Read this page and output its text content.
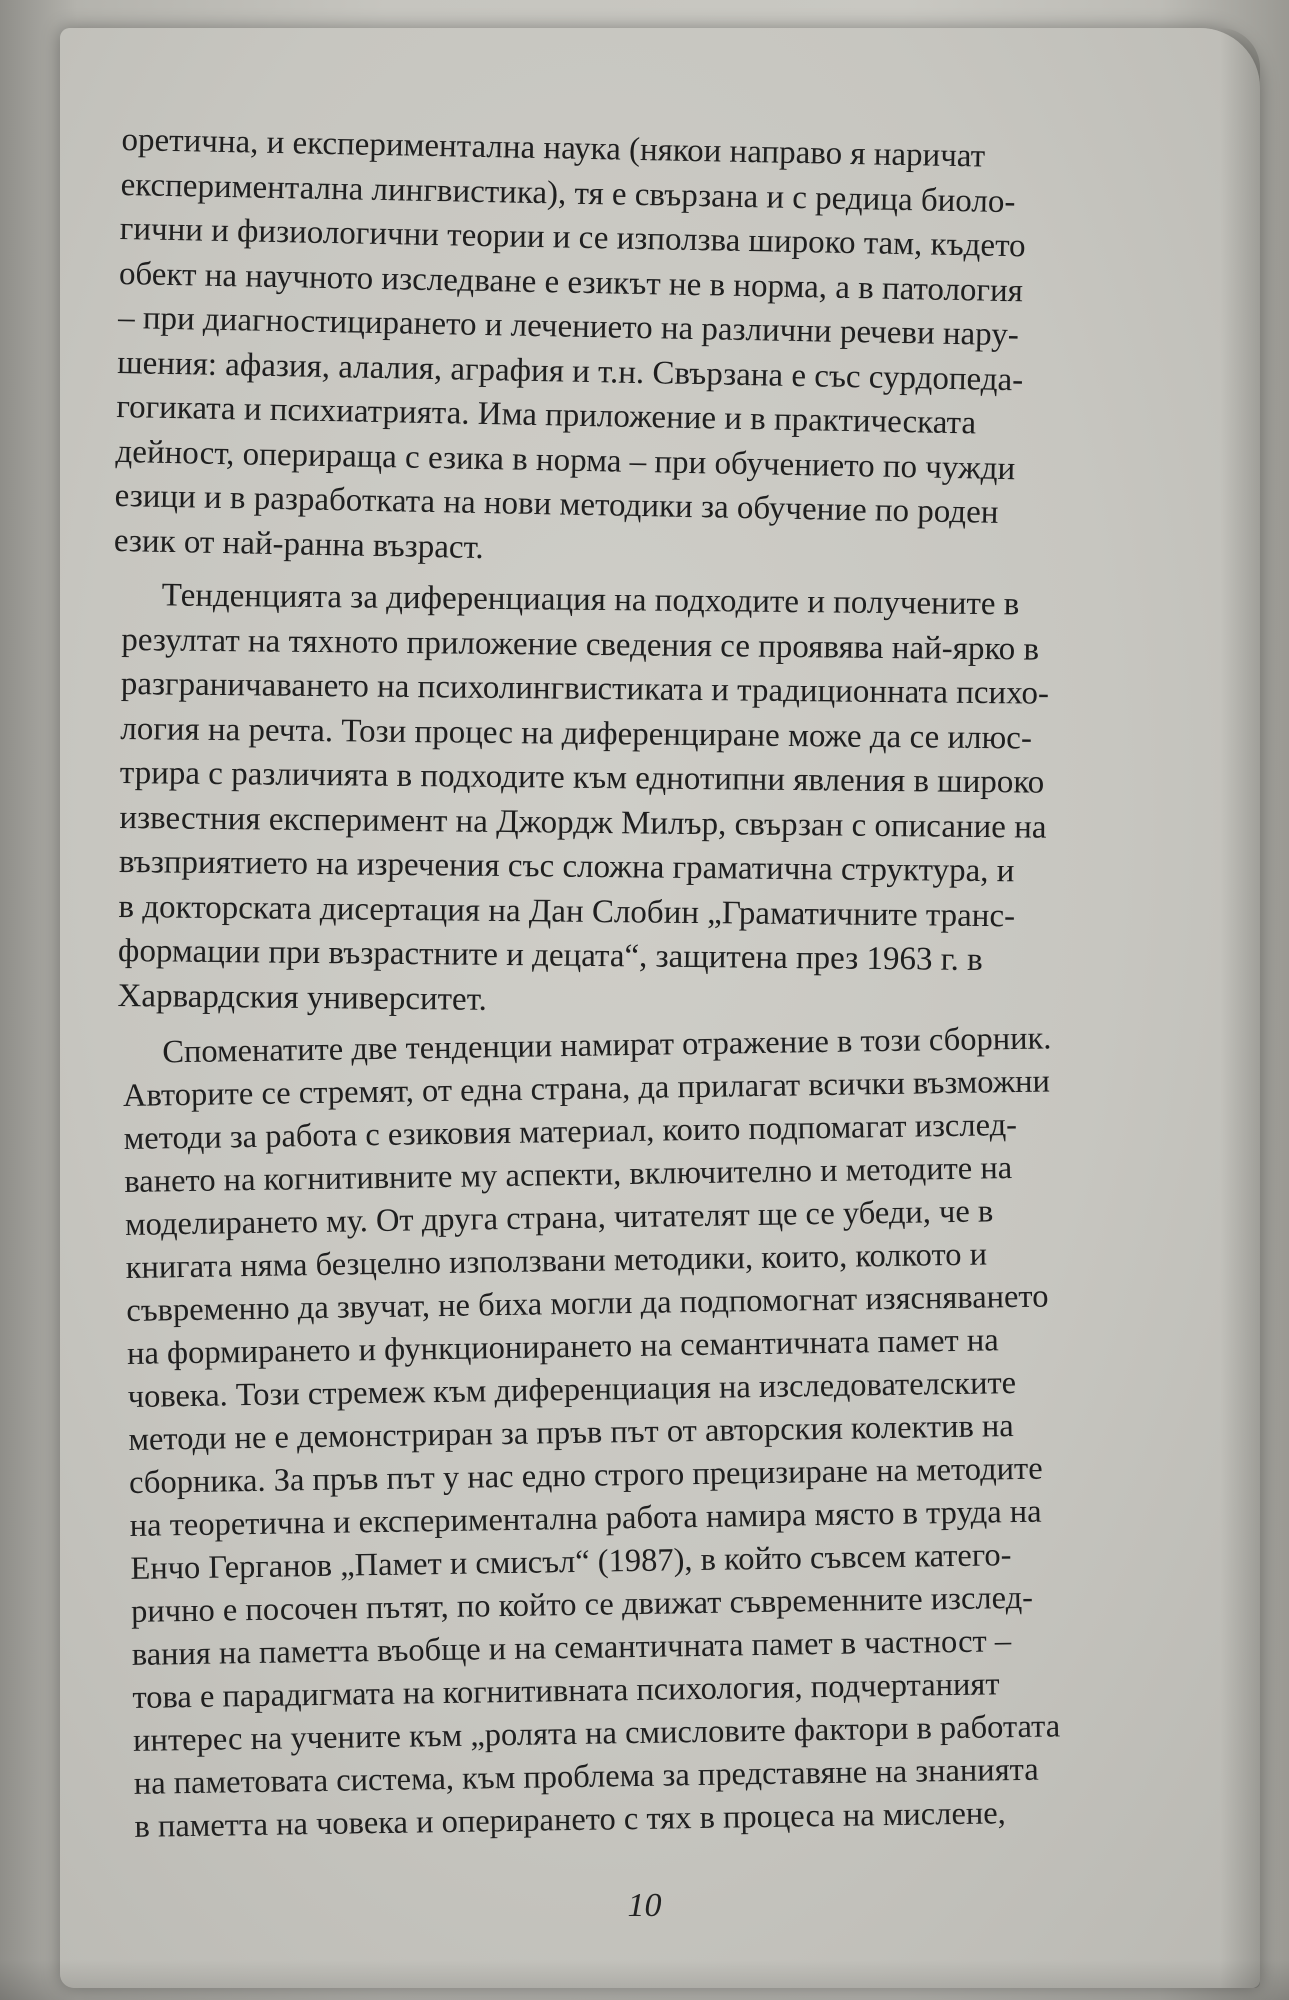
оретична, и експериментална наука (някои направо я наричат
експериментална лингвистика), тя е свързана и с редица биоло-
гични и физиологични теории и се използва широко там, където
обект на научното изследване е езикът не в норма, а в патология
– при диагностицирането и лечението на различни речеви нару-
шения: афазия, алалия, аграфия и т.н. Свързана е със сурдопеда-
гогиката и психиатрията. Има приложение и в практическата
дейност, оперираща с езика в норма – при обучението по чужди
езици и в разработката на нови методики за обучение по роден
език от най-ранна възраст.

Тенденцията за диференциация на подходите и получените в
резултат на тяхното приложение сведения се проявява най-ярко в
разграничаването на психолингвистиката и традиционната психо-
логия на речта. Този процес на диференциране може да се илюс-
трира с различията в подходите към еднотипни явления в широко
известния експеримент на Джордж Милър, свързан с описание на
възприятието на изречения със сложна граматична структура, и
в докторската дисертация на Дан Слобин „Граматичните транс-
формации при възрастните и децата“, защитена през 1963 г. в
Харвардския университет.

Споменатите две тенденции намират отражение в този сборник.
Авторите се стремят, от една страна, да прилагат всички възможни
методи за работа с езиковия материал, които подпомагат изслед-
ването на когнитивните му аспекти, включително и методите на
моделирането му. От друга страна, читателят ще се убеди, че в
книгата няма безцелно използвани методики, които, колкото и
съвременно да звучат, не биха могли да подпомогнат изясняването
на формирането и функционирането на семантичната памет на
човека. Този стремеж към диференциация на изследователските
методи не е демонстриран за пръв път от авторския колектив на
сборника. За пръв път у нас едно строго прецизиране на методите
на теоретична и експериментална работа намира място в труда на
Енчо Герганов „Памет и смисъл“ (1987), в който съвсем катего-
рично е посочен пътят, по който се движат съвременните изслед-
вания на паметта въобще и на семантичната памет в частност –
това е парадигмата на когнитивната психология, подчертаният
интерес на учените към „ролята на смисловите фактори в работата
на паметовата система, към проблема за представяне на знанията
в паметта на човека и оперирането с тях в процеса на мислене,

10
